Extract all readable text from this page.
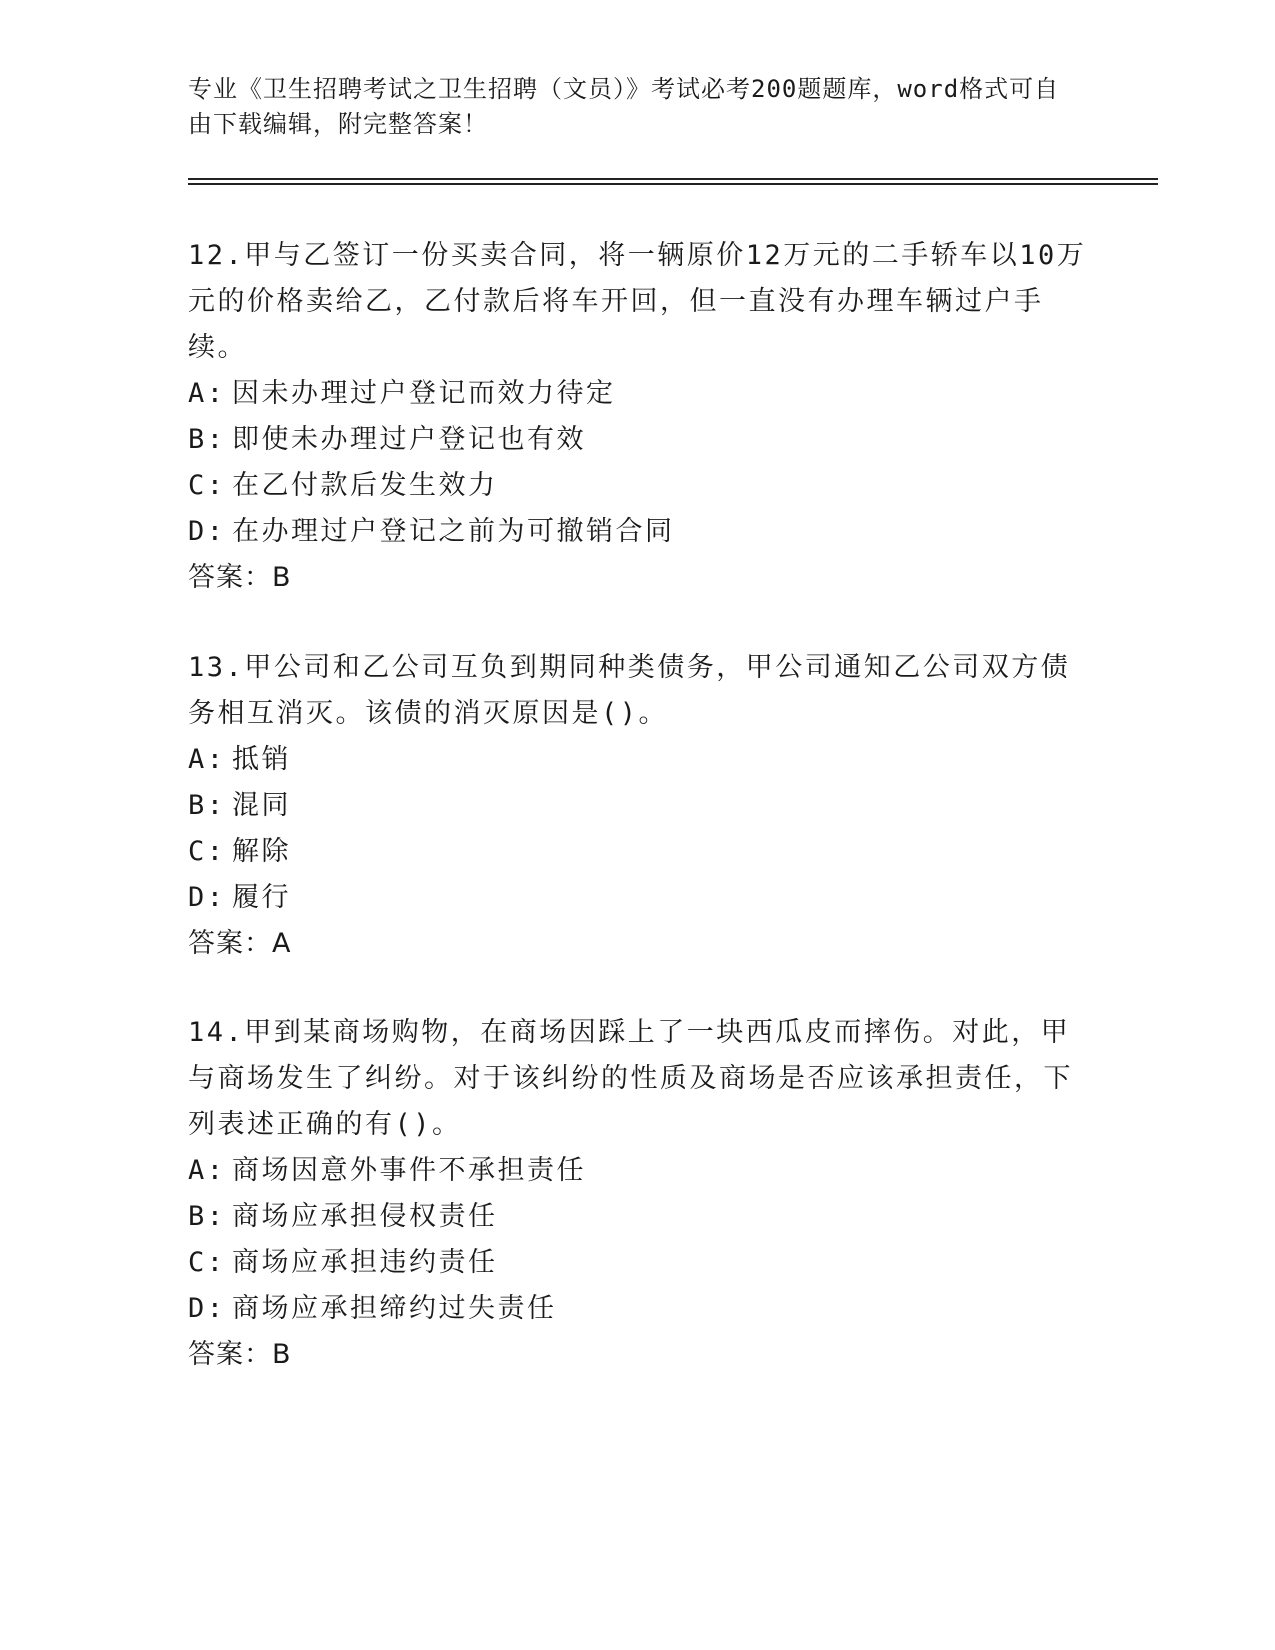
专业《卫生招聘考试之卫生招聘（文员）》考试必考200题题库，word格式可自由下载编辑，附完整答案！

12.甲与乙签订一份买卖合同，将一辆原价12万元的二手轿车以10万元的价格卖给乙，乙付款后将车开回，但一直没有办理车辆过户手续。

A: 因未办理过户登记而效力待定

B: 即使未办理过户登记也有效

C: 在乙付款后发生效力

D: 在办理过户登记之前为可撤销合同

答案：B

13.甲公司和乙公司互负到期同种类债务，甲公司通知乙公司双方债务相互消灭。该债的消灭原因是()。

A: 抵销

B: 混同

C: 解除

D: 履行

答案：A

14.甲到某商场购物，在商场因踩上了一块西瓜皮而摔伤。对此，甲与商场发生了纠纷。对于该纠纷的性质及商场是否应该承担责任，下列表述正确的有()。

A: 商场因意外事件不承担责任

B: 商场应承担侵权责任

C: 商场应承担违约责任

D: 商场应承担缔约过失责任

答案：B
